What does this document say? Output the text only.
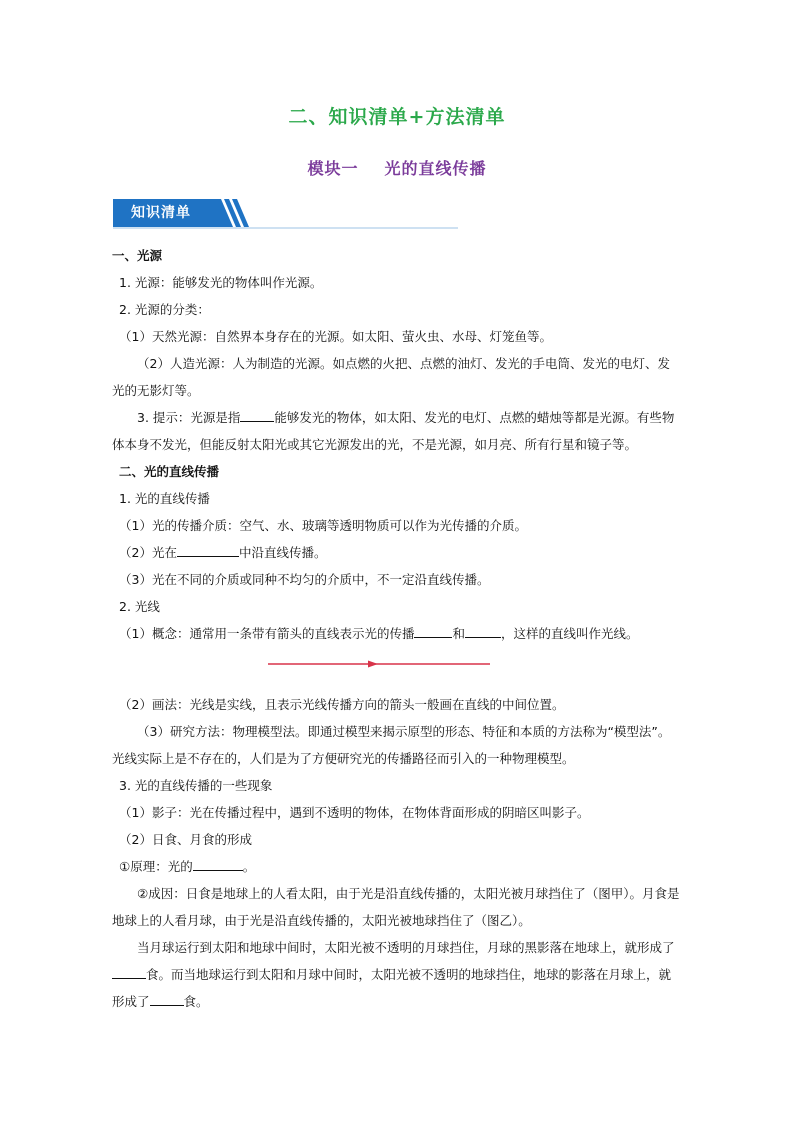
二、知识清单+方法清单
模块一 光的直线传播
知识清单

一、光源

1. 光源：能够发光的物体叫作光源。

2. 光源的分类：

（1）天然光源：自然界本身存在的光源。如太阳、萤火虫、水母、灯笼鱼等。

（2）人造光源：人为制造的光源。如点燃的火把、点燃的油灯、发光的手电筒、发光的电灯、发光的无影灯等。

3. 提示：光源是指	能够发光的物体，如太阳、发光的电灯、点燃的蜡烛等都是光源。有些物体本身不发光，但能反射太阳光或其它光源发出的光，不是光源，如月亮、所有行星和镜子等。

二、光的直线传播

1. 光的直线传播

（1）光的传播介质：空气、水、玻璃等透明物质可以作为光传播的介质。

（2）光在	中沿直线传播。

（3）光在不同的介质或同种不均匀的介质中，不一定沿直线传播。

2. 光线

（1）概念：通常用一条带有箭头的直线表示光的传播	和	，这样的直线叫作光线。

（2）画法：光线是实线，且表示光线传播方向的箭头一般画在直线的中间位置。

（3）研究方法：物理模型法。即通过模型来揭示原型的形态、特征和本质的方法称为“模型法”。光线实际上是不存在的，人们是为了方便研究光的传播路径而引入的一种物理模型。

3. 光的直线传播的一些现象

（1）影子：光在传播过程中，遇到不透明的物体，在物体背面形成的阴暗区叫影子。

（2）日食、月食的形成

①原理：光的	。

②成因：日食是地球上的人看太阳，由于光是沿直线传播的，太阳光被月球挡住了（图甲）。月食是地球上的人看月球，由于光是沿直线传播的，太阳光被地球挡住了（图乙）。

当月球运行到太阳和地球中间时，太阳光被不透明的月球挡住，月球的黑影落在地球上，就形成了食。而当地球运行到太阳和月球中间时，太阳光被不透明的地球挡住，地球的影落在月球上，就形成了	食。
